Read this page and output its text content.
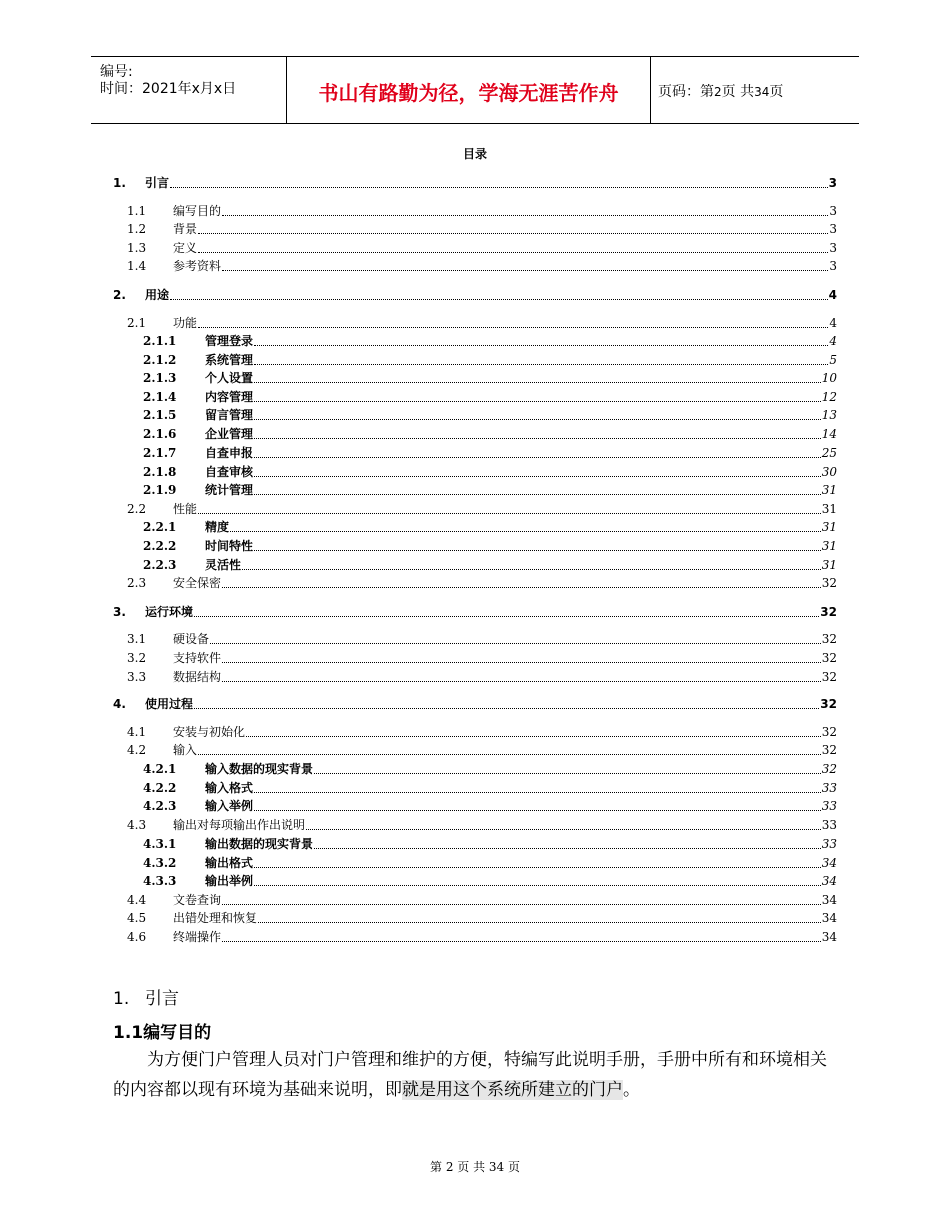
编号:
时间：2021年x月x日	书山有路勤为径，学海无涯苦作舟	页码：第2页 共34页
目录
1.	引言	3
1.1	编写目的	3
1.2	背景	3
1.3	定义	3
1.4	参考资料	3
2.	用途	4
2.1	功能	4
2.1.1	管理登录	4
2.1.2	系统管理	5
2.1.3	个人设置	10
2.1.4	内容管理	12
2.1.5	留言管理	13
2.1.6	企业管理	14
2.1.7	自查申报	25
2.1.8	自查审核	30
2.1.9	统计管理	31
2.2	性能	31
2.2.1	精度	31
2.2.2	时间特性	31
2.2.3	灵活性	31
2.3	安全保密	32
3.	运行环境	32
3.1	硬设备	32
3.2	支持软件	32
3.3	数据结构	32
4.	使用过程	32
4.1	安装与初始化	32
4.2	输入	32
4.2.1	输入数据的现实背景	32
4.2.2	输入格式	33
4.2.3	输入举例	33
4.3	输出对每项输出作出说明	33
4.3.1	输出数据的现实背景	33
4.3.2	输出格式	34
4.3.3	输出举例	34
4.4	文卷查询	34
4.5	出错处理和恢复	34
4.6	终端操作	34
1. 引言
1.1编写目的
为方便门户管理人员对门户管理和维护的方便，特编写此说明手册，手册中所有和环境相关的内容都以现有环境为基础来说明，即就是用这个系统所建立的门户。
第 2 页 共 34 页
